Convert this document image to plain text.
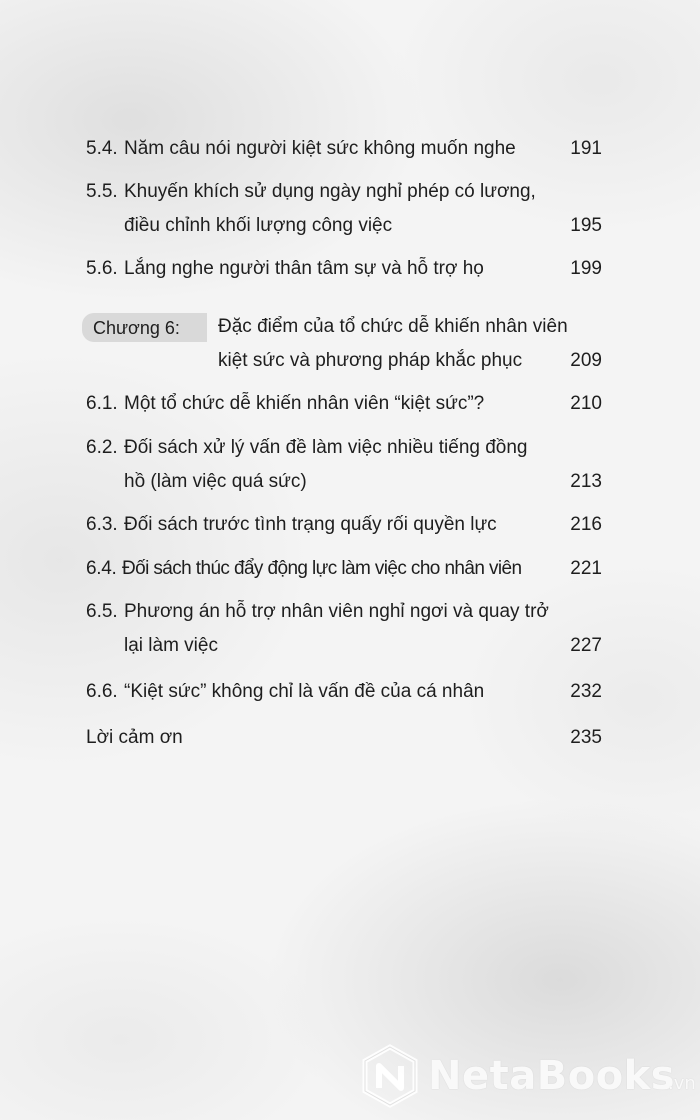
5.4. Năm câu nói người kiệt sức không muốn nghe	191
5.5. Khuyến khích sử dụng ngày nghỉ phép có lương,
điều chỉnh khối lượng công việc	195
5.6. Lắng nghe người thân tâm sự và hỗ trợ họ	199
Chương 6: Đặc điểm của tổ chức dễ khiến nhân viên
kiệt sức và phương pháp khắc phục	209
6.1. Một tổ chức dễ khiến nhân viên “kiệt sức”?	210
6.2. Đối sách xử lý vấn đề làm việc nhiều tiếng đồng
hồ (làm việc quá sức)	213
6.3. Đối sách trước tình trạng quấy rối quyền lực	216
6.4. Đối sách thúc đẩy động lực làm việc cho nhân viên	221
6.5. Phương án hỗ trợ nhân viên nghỉ ngơi và quay trở
lại làm việc	227
6.6. “Kiệt sức” không chỉ là vấn đề của cá nhân	232
Lời cảm ơn	235
NetaBooks
.vn
